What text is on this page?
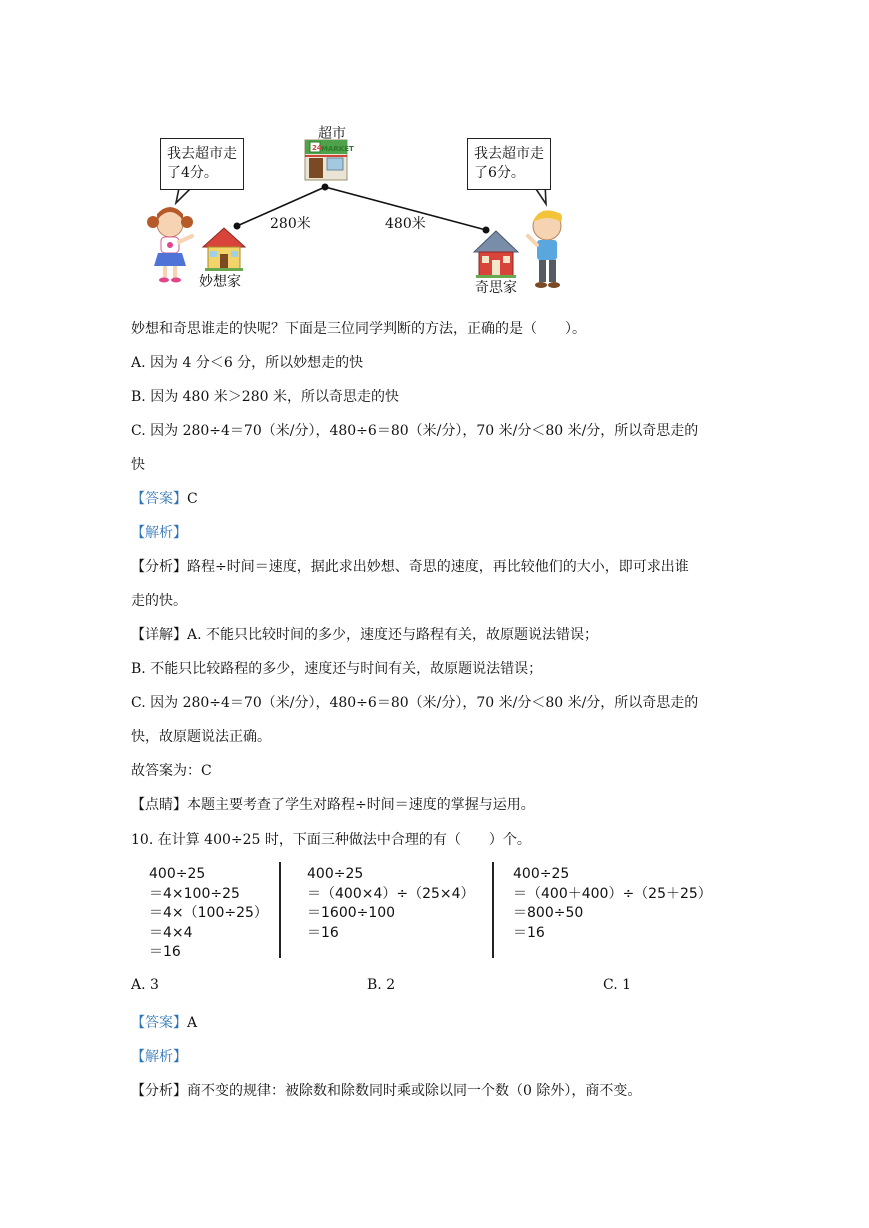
MARKET
24
超市
我去超市走
了4分。
我去超市走
了6分。
280米	480米
妙想家	奇思家
妙想和奇思谁走的快呢？下面是三位同学判断的方法，正确的是（　　）。
A. 因为 4 分＜6 分，所以妙想走的快
B. 因为 480 米＞280 米，所以奇思走的快
C. 因为 280÷4＝70（米/分），480÷6＝80（米/分），70 米/分＜80 米/分，所以奇思走的
快
【答案】C
【解析】
【分析】路程÷时间＝速度，据此求出妙想、奇思的速度，再比较他们的大小，即可求出谁
走的快。
【详解】A. 不能只比较时间的多少，速度还与路程有关，故原题说法错误；
B. 不能只比较路程的多少，速度还与时间有关，故原题说法错误；
C. 因为 280÷4＝70（米/分），480÷6＝80（米/分），70 米/分＜80 米/分，所以奇思走的
快，故原题说法正确。
故答案为：C
【点睛】本题主要考查了学生对路程÷时间＝速度的掌握与运用。
10. 在计算 400÷25 时，下面三种做法中合理的有（　　）个。
400÷25
＝4×100÷25
＝4×（100÷25）
＝4×4
＝16
400÷25
＝（400×4）÷（25×4）
＝1600÷100
＝16
400÷25
＝（400＋400）÷（25＋25）
＝800÷50
＝16
A. 3	B. 2	C. 1
【答案】A
【解析】
【分析】商不变的规律：被除数和除数同时乘或除以同一个数（0 除外），商不变。
